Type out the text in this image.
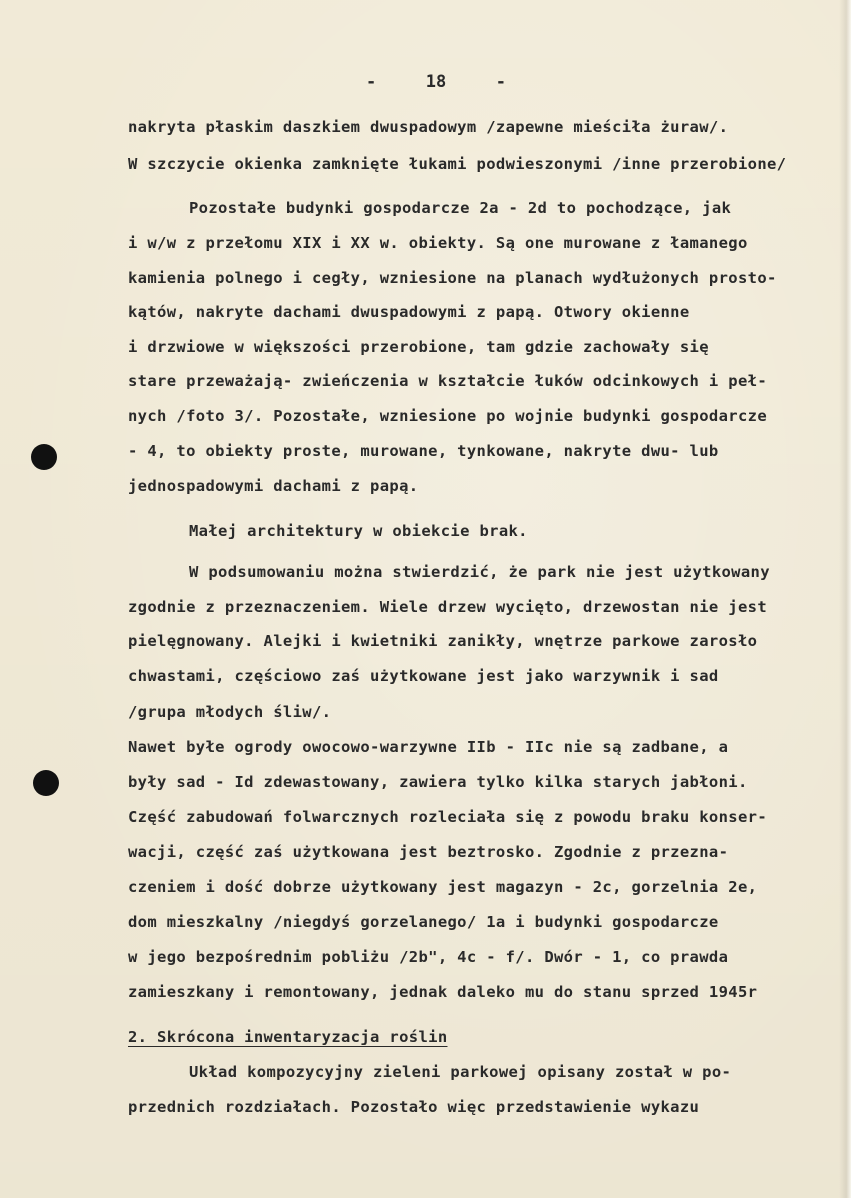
-	18	-
nakryta płaskim daszkiem dwuspadowym /zapewne mieściła żuraw/.
W szczycie okienka zamknięte łukami podwieszonymi /inne przerobione/
Pozostałe budynki gospodarcze 2a - 2d to pochodzące, jak
i w/w z przełomu XIX i XX w. obiekty. Są one murowane z łamanego
kamienia polnego i cegły, wzniesione na planach wydłużonych prosto-
kątów, nakryte dachami dwuspadowymi z papą. Otwory okienne
i drzwiowe w większości przerobione, tam gdzie zachowały się
stare przeważają- zwieńczenia w kształcie łuków odcinkowych i peł-
nych /foto 3/. Pozostałe, wzniesione po wojnie budynki gospodarcze
- 4, to obiekty proste, murowane, tynkowane, nakryte dwu- lub
jednospadowymi dachami z papą.
Małej architektury w obiekcie brak.
W podsumowaniu można stwierdzić, że park nie jest użytkowany
zgodnie z przeznaczeniem. Wiele drzew wycięto, drzewostan nie jest
pielęgnowany. Alejki i kwietniki zanikły, wnętrze parkowe zarosło
chwastami, częściowo zaś użytkowane jest jako warzywnik i sad
/grupa młodych śliw/.
Nawet byłe ogrody owocowo-warzywne IIb - IIc nie są zadbane, a
były sad - Id zdewastowany, zawiera tylko kilka starych jabłoni.
Część zabudowań folwarcznych rozleciała się z powodu braku konser-
wacji, część zaś użytkowana jest beztrosko. Zgodnie z przezna-
czeniem i dość dobrze użytkowany jest magazyn - 2c, gorzelnia 2e,
dom mieszkalny /niegdyś gorzelanego/ 1a i budynki gospodarcze
w jego bezpośrednim pobliżu /2b", 4c - f/. Dwór - 1, co prawda
zamieszkany i remontowany, jednak daleko mu do stanu sprzed 1945r
2. Skrócona inwentaryzacja roślin
Układ kompozycyjny zieleni parkowej opisany został w po-
przednich rozdziałach. Pozostało więc przedstawienie wykazu
